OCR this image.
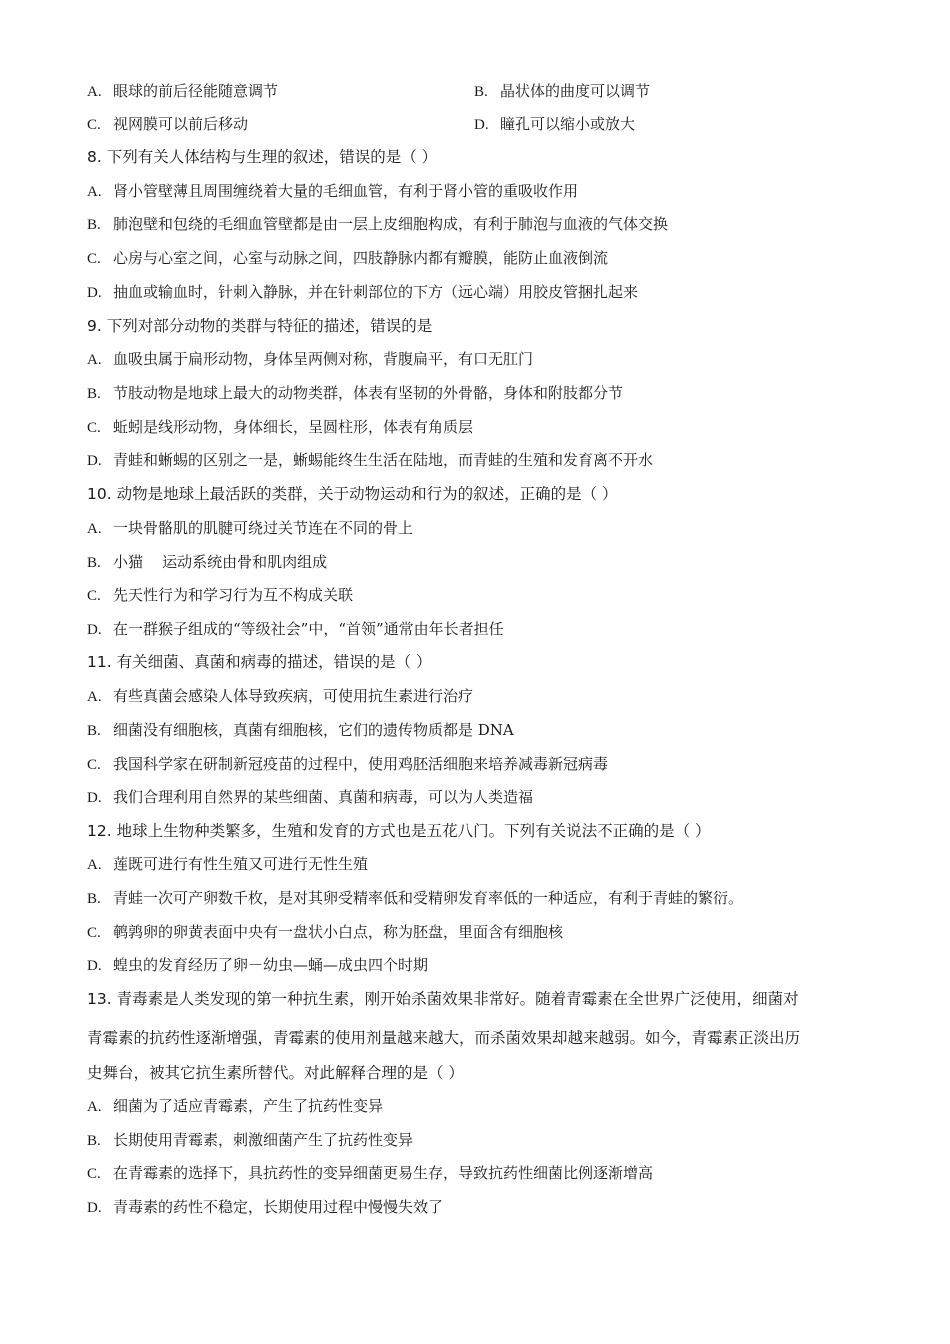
A. 眼球的前后径能随意调节	B. 晶状体的曲度可以调节
C. 视网膜可以前后移动	D. 瞳孔可以缩小或放大
8. 下列有关人体结构与生理的叙述，错误的是（ ）
A. 肾小管壁薄且周围缠绕着大量的毛细血管，有利于肾小管的重吸收作用
B. 肺泡壁和包绕的毛细血管壁都是由一层上皮细胞构成，有利于肺泡与血液的气体交换
C. 心房与心室之间，心室与动脉之间，四肢静脉内都有瓣膜，能防止血液倒流
D. 抽血或输血时，针刺入静脉，并在针刺部位的下方（远心端）用胶皮管捆扎起来
9. 下列对部分动物的类群与特征的描述，错误的是
A. 血吸虫属于扁形动物，身体呈两侧对称，背腹扁平，有口无肛门
B. 节肢动物是地球上最大的动物类群，体表有坚韧的外骨骼，身体和附肢都分节
C. 蚯蚓是线形动物，身体细长，呈圆柱形，体表有角质层
D. 青蛙和蜥蜴的区别之一是，蜥蜴能终生生活在陆地，而青蛙的生殖和发育离不开水
10. 动物是地球上最活跃的类群，关于动物运动和行为的叙述，正确的是（ ）
A. 一块骨骼肌的肌腱可绕过关节连在不同的骨上
B. 小猫    运动系统由骨和肌肉组成
C. 先天性行为和学习行为互不构成关联
D. 在一群猴子组成的“等级社会”中，“首领”通常由年长者担任
11. 有关细菌、真菌和病毒的描述，错误的是（ ）
A. 有些真菌会感染人体导致疾病，可使用抗生素进行治疗
B. 细菌没有细胞核，真菌有细胞核，它们的遗传物质都是 DNA
C. 我国科学家在研制新冠疫苗的过程中，使用鸡胚活细胞来培养减毒新冠病毒
D. 我们合理利用自然界的某些细菌、真菌和病毒，可以为人类造福
12. 地球上生物种类繁多，生殖和发育的方式也是五花八门。下列有关说法不正确的是（ ）
A. 莲既可进行有性生殖又可进行无性生殖
B. 青蛙一次可产卵数千枚，是对其卵受精率低和受精卵发育率低的一种适应，有利于青蛙的繁衍。
C. 鹌鹑卵的卵黄表面中央有一盘状小白点，称为胚盘，里面含有细胞核
D. 蝗虫的发育经历了卵－幼虫—蛹—成虫四个时期
13. 青毒素是人类发现的第一种抗生素，刚开始杀菌效果非常好。随着青霉素在全世界广泛使用，细菌对
青霉素的抗药性逐渐增强，青霉素的使用剂量越来越大，而杀菌效果却越来越弱。如今，青霉素正淡出历
史舞台，被其它抗生素所替代。对此解释合理的是（ ）
A. 细菌为了适应青霉素，产生了抗药性变异
B. 长期使用青霉素，刺激细菌产生了抗药性变异
C. 在青霉素的选择下，具抗药性的变异细菌更易生存，导致抗药性细菌比例逐渐增高
D. 青毒素的药性不稳定，长期使用过程中慢慢失效了
